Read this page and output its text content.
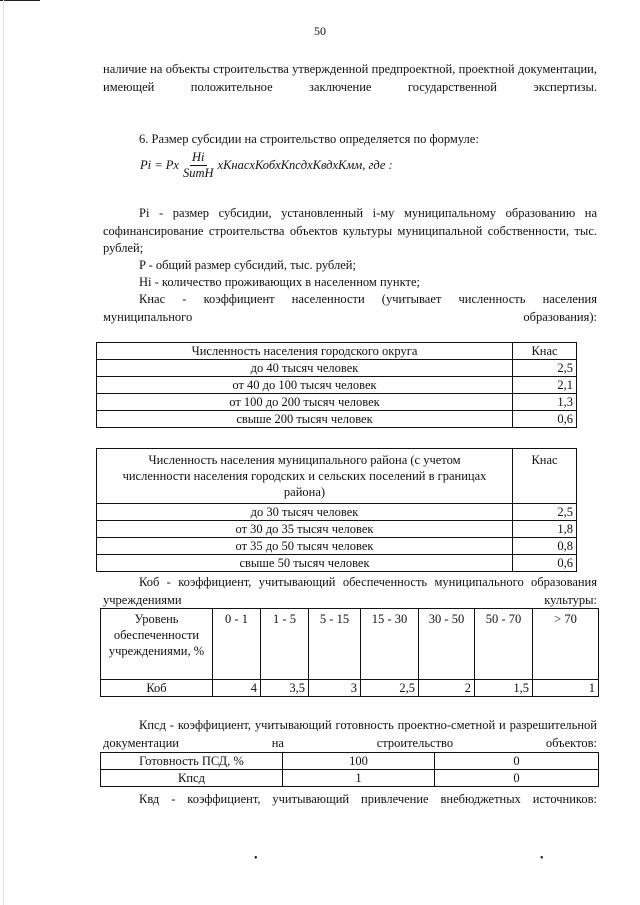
50

наличие на объекты строительства утвержденной предпроектной, проектной документации, имеющей положительное заключение государственной экспертизы.

6. Размер субсидии на строительство определяется по формуле:

Pi = Px $\frac{Hi}{\text{SumH}}$ xКнасxКобxКпсдxКвдxКмм, где :

Pi - размер субсидии, установленный i-му муниципальному образованию на софинансирование строительства объектов культуры муниципальной собственности, тыс. рублей;

P - общий размер субсидий, тыс. рублей;

Hi - количество проживающих в населенном пункте;

Кнас - коэффициент населенности (учитывает численность населения муниципального образования):

Численность населения городского округа	Кнас
до 40 тысяч человек	2,5
от 40 до 100 тысяч человек	2,1
от 100 до 200 тысяч человек	1,3
свыше 200 тысяч человек	0,6
Численность населения муниципального района (с учетом численности населения городских и сельских поселений в границах района)	Кнас
до 30 тысяч человек	2,5
от 30 до 35 тысяч человек	1,8
от 35 до 50 тысяч человек	0,8
свыше 50 тысяч человек	0,6

Коб - коэффициент, учитывающий обеспеченность муниципального образования учреждениями культуры:

Уровень обеспеченности учреждениями, %	0 - 1	1 - 5	5 - 15	15 - 30	30 - 50	50 - 70	> 70
Коб	4	3,5	3	2,5	2	1,5	1

Кпсд - коэффициент, учитывающий готовность проектно-сметной и разрешительной документации на строительство объектов:

Готовность ПСД, %	100	0
Кпсд	1	0

Квд - коэффициент, учитывающий привлечение внебюджетных источников:

•	•
